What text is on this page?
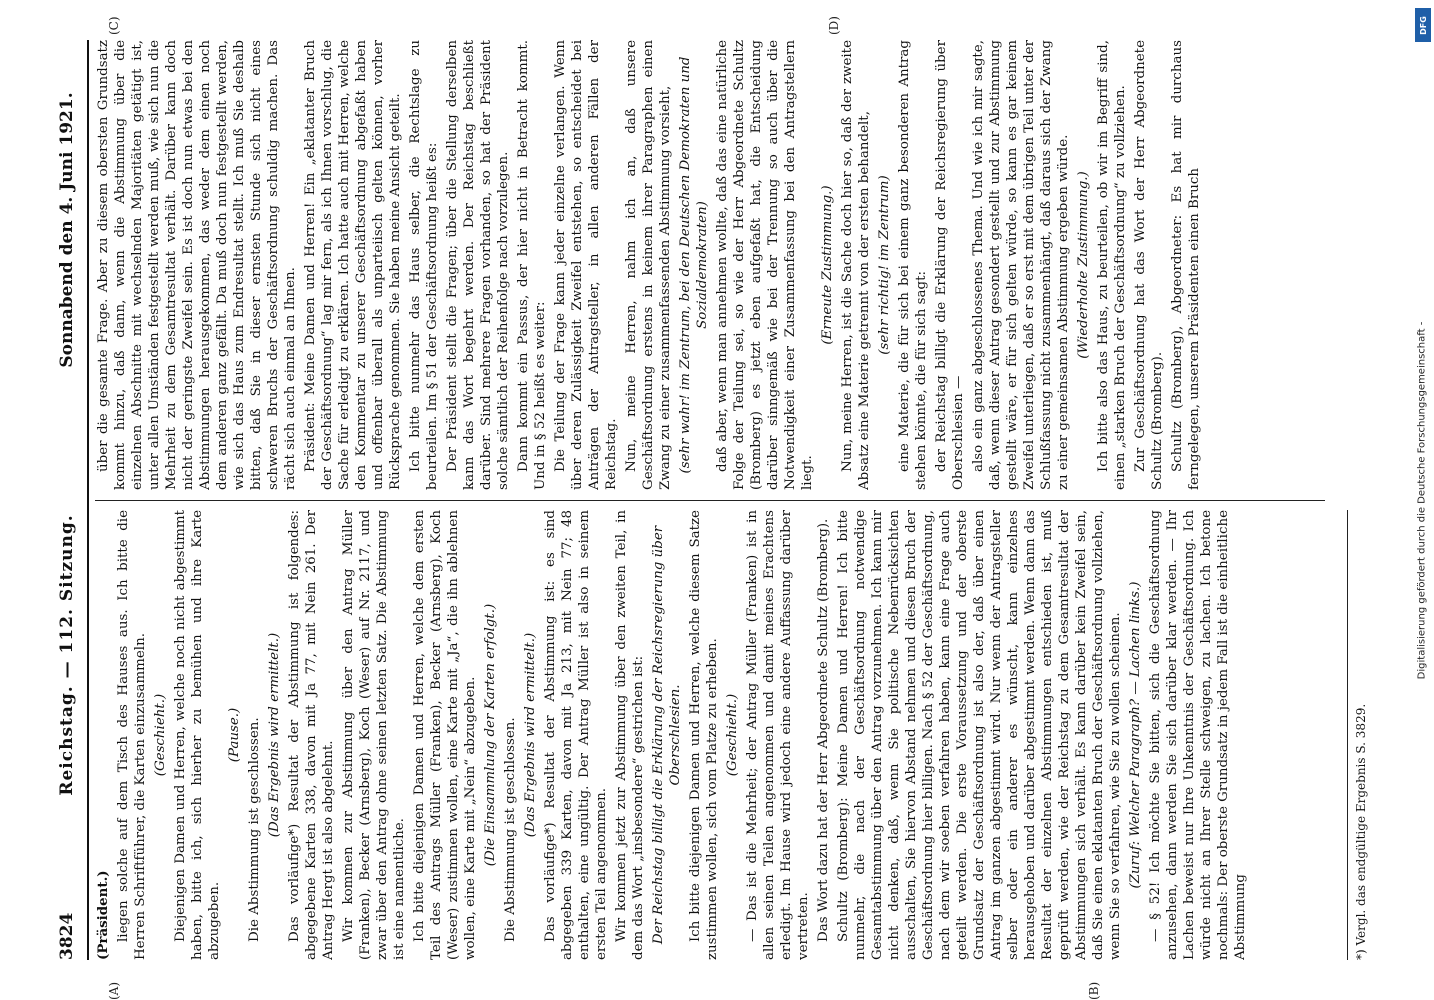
3824
Reichstag. — 112. Sitzung.
Sonnabend den 4. Juni 1921.

(Präsident.) liegen solche auf dem Tisch des Hauses aus. Ich bitte die Herren Schriftführer, die Karten einzusammeln. (Geschieht.) Diejenigen Damen und Herren, welche noch nicht abgestimmt haben, bitte ich, sich hierher zu bemühen und ihre Karte abzugeben.

(Pause.) Die Abstimmung ist geschlossen. (Das Ergebnis wird ermittelt.) Das vorläufige*) Resultat der Abstimmung ist folgendes: abgegebene Karten 338, davon mit Ja 77, mit Nein 261. Der Antrag Hergt ist also abgelehnt. Wir kommen zur Abstimmung über den Antrag Müller (Franken), Becker (Arnsberg), Koch (Weser) auf Nr. 2117, und zwar über den Antrag ohne seinen letzten Satz. Die Abstimmung ist eine namentliche. Ich bitte diejenigen Damen und Herren, welche dem ersten Teil des Antrags Müller (Franken), Becker (Arnsberg), Koch (Weser) zustimmen wollen, eine Karte mit „Ja“, die ihn ablehnen wollen, eine Karte mit „Nein“ abzugeben. (Die Einsammlung der Karten erfolgt.) Die Abstimmung ist geschlossen. (Das Ergebnis wird ermittelt.) Das vorläufige*) Resultat der Abstimmung ist: es sind abgegeben 339 Karten, davon mit Ja 213, mit Nein 77; 48 enthalten, eine ungültig. Der Antrag Müller ist also in seinem ersten Teil angenommen. Wir kommen jetzt zur Abstimmung über den zweiten Teil, in dem das Wort „insbesondere“ gestrichen ist: Der Reichstag billigt die Erklärung der Reichsregierung über Oberschlesien. Ich bitte diejenigen Damen und Herren, welche diesem Satze zustimmen wollen, sich vom Platze zu erheben. (Geschieht.) — Das ist die Mehrheit; der Antrag Müller (Franken) ist in allen seinen Teilen angenommen und damit meines Erachtens erledigt. Im Hause wird jedoch eine andere Auffassung darüber vertreten. Das Wort dazu hat der Herr Abgeordnete Schultz (Bromberg). Schultz (Bromberg): Meine Damen und Herren! Ich bitte nunmehr, die nach der Geschäftsordnung notwendige Gesamtabstimmung über den Antrag vorzunehmen. Ich kann mir nicht denken, daß, wenn Sie politische Nebenrücksichten ausschalten, Sie hiervon Abstand nehmen und diesen Bruch der Geschäftsordnung hier billigen. Nach § 52 der Geschäftsordnung, nach dem wir soeben verfahren haben, kann eine Frage auch geteilt werden. Die erste Voraussetzung und der oberste Grundsatz der Geschäftsordnung ist also der, daß über einen Antrag im ganzen abgestimmt wird. Nur wenn der Antragsteller selber oder ein anderer es wünscht, kann einzelnes herausgehoben und darüber abgestimmt werden. Wenn dann das Resultat der einzelnen Abstimmungen entschieden ist, muß geprüft werden, wie der Reichstag zu dem Gesamtresultat der Abstimmungen sich verhält. Es kann darüber kein Zweifel sein, daß Sie einen eklatanten Bruch der Geschäftsordnung vollziehen, wenn Sie so verfahren, wie Sie zu wollen scheinen. (Zuruf: Welcher Paragraph? — Lachen links.) — § 52! Ich möchte Sie bitten, sich die Geschäftsordnung anzusehen, dann werden Sie sich darüber klar werden. — Ihr Lachen beweist nur Ihre Unkenntnis der Geschäftsordnung. Ich würde nicht an Ihrer Stelle schweigen, zu lachen. Ich betone nochmals: Der oberste Grundsatz in jedem Fall ist die einheitliche Abstimmung

über die gesamte Frage. Aber zu diesem obersten Grundsatz kommt hinzu, daß dann, wenn die Abstimmung über die einzelnen Abschnitte mit wechselnden Majoritäten getätigt ist, unter allen Umständen festgestellt werden muß, wie sich nun die Mehrheit zu dem Gesamtresultat verhält. Darüber kann doch nicht der geringste Zweifel sein. Es ist doch nun etwas bei den Abstimmungen herausgekommen, das weder dem einen noch dem anderen ganz gefällt. Da muß doch nun festgestellt werden, wie sich das Haus zum Endresultat stellt. Ich muß Sie deshalb bitten, daß Sie in dieser ernsten Stunde sich nicht eines schweren Bruchs der Geschäftsordnung schuldig machen. Das rächt sich auch einmal an Ihnen. Präsident: Meine Damen und Herren! Ein „eklatanter Bruch der Geschäftsordnung“ lag mir fern, als ich Ihnen vorschlug, die Sache für erledigt zu erklären. Ich hatte auch mit Herren, welche den Kommentar zu unserer Geschäftsordnung abgefaßt haben und offenbar überall als unparteiisch gelten können, vorher Rücksprache genommen. Sie haben meine Ansicht geteilt. Ich bitte nunmehr das Haus selber, die Rechtslage zu beurteilen. Im § 51 der Geschäftsordnung heißt es: Der Präsident stellt die Fragen; über die Stellung derselben kann das Wort begehrt werden. Der Reichstag beschließt darüber. Sind mehrere Fragen vorhanden, so hat der Präsident solche sämtlich der Reihenfolge nach vorzulegen. Dann kommt ein Passus, der hier nicht in Betracht kommt. Und in § 52 heißt es weiter: Die Teilung der Frage kann jeder einzelne verlangen. Wenn über deren Zulässigkeit Zweifel entstehen, so entscheidet bei Anträgen der Antragsteller, in allen anderen Fällen der Reichstag. Nun, meine Herren, nahm ich an, daß unsere Geschäftsordnung erstens in keinem ihrer Paragraphen einen Zwang zu einer zusammenfassenden Abstimmung vorsieht, (sehr wahr! im Zentrum, bei den Deutschen Demokraten und Sozialdemokraten) daß aber, wenn man annehmen wollte, daß das eine natürliche Folge der Teilung sei, so wie der Herr Abgeordnete Schultz (Bromberg) es jetzt eben aufgefaßt hat, die Entscheidung darüber sinngemäß wie bei der Trennung so auch über die Notwendigkeit einer Zusammenfassung bei den Antragstellern liegt.

(Erneute Zustimmung.) Nun, meine Herren, ist die Sache doch hier so, daß der zweite Absatz eine Materie getrennt von der ersten behandelt, (sehr richtig! im Zentrum) eine Materie, die für sich bei einem ganz besonderen Antrag stehen könnte, die für sich sagt: der Reichstag billigt die Erklärung der Reichsregierung über Oberschlesien — also ein ganz abgeschlossenes Thema. Und wie ich mir sagte, daß, wenn dieser Antrag gesondert gestellt und zur Abstimmung gestellt wäre, er für sich gelten würde, so kann es gar keinem Zweifel unterliegen, daß er so erst mit dem übrigen Teil unter der Schlußfassung nicht zusammenhängt, daß daraus sich der Zwang zu einer gemeinsamen Abstimmung ergeben würde. (Wiederholte Zustimmung.) Ich bitte also das Haus, zu beurteilen, ob wir im Begriff sind, einen „starken Bruch der Geschäftsordnung“ zu vollziehen. Zur Geschäftsordnung hat das Wort der Herr Abgeordnete Schultz (Bromberg). Schultz (Bromberg), Abgeordneter: Es hat mir durchaus ferngelegen, unserem Präsidenten einen Bruch

(A)	(B)
(C)	(D)
*) Vergl. das endgültige Ergebnis S. 3829.
DFG
Digitalisierung gefördert durch die Deutsche Forschungsgemeinschaft -
